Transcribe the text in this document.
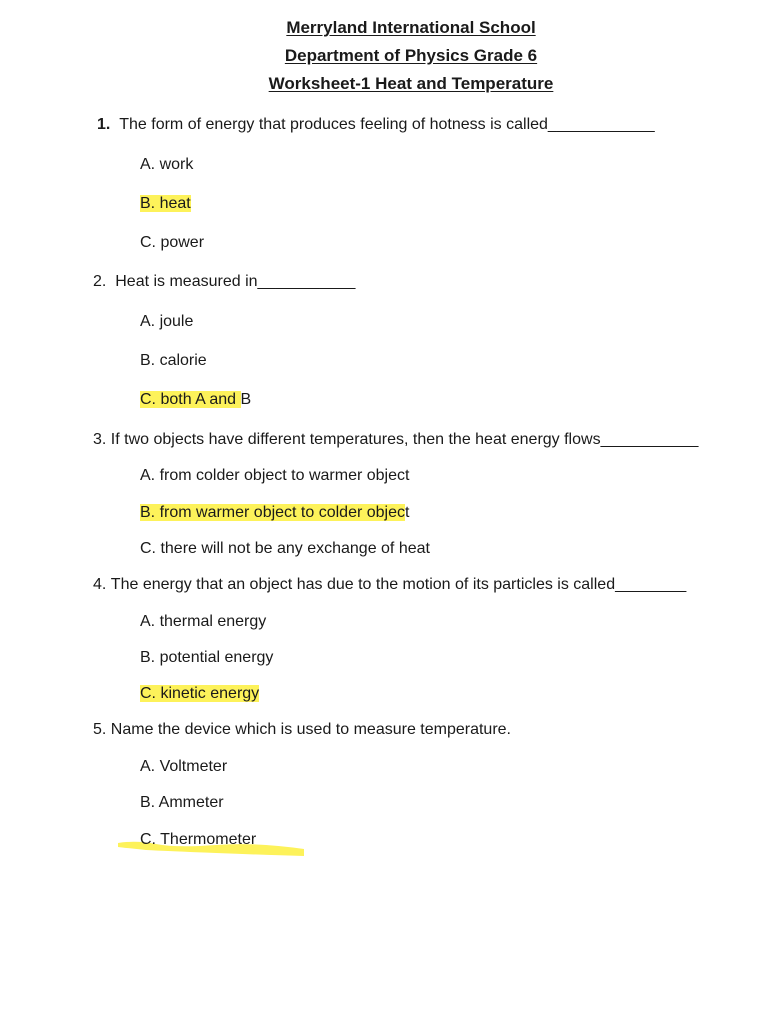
Merryland International School
Department of Physics Grade 6
Worksheet-1 Heat and Temperature
1. The form of energy that produces feeling of hotness is called____________
A. work
B. heat
C. power
2. Heat is measured in___________
A. joule
B. calorie
C. both A and B
3. If two objects have different temperatures, then the heat energy flows___________
A. from colder object to warmer object
B. from warmer object to colder object
C. there will not be any exchange of heat
4. The energy that an object has due to the motion of its particles is called________
A. thermal energy
B. potential energy
C. kinetic energy
5. Name the device which is used to measure temperature.
A. Voltmeter
B. Ammeter
C. Thermometer
